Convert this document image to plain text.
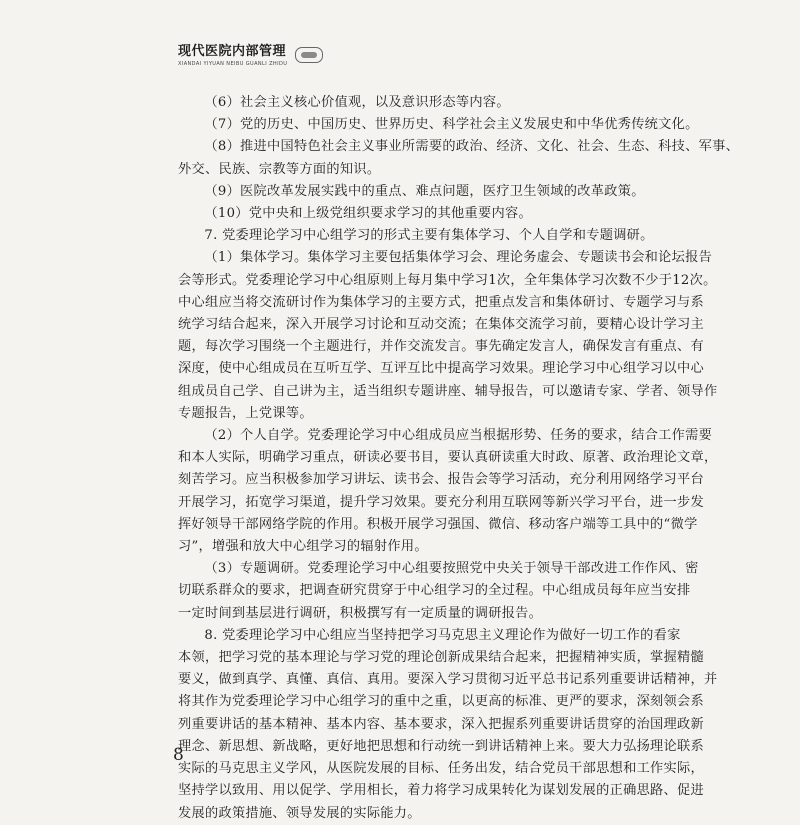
现代医院内部管理
XIANDAI YIYUAN NEIBU GUANLI ZHIDU

（6）社会主义核心价值观，以及意识形态等内容。

（7）党的历史、中国历史、世界历史、科学社会主义发展史和中华优秀传统文化。

（8）推进中国特色社会主义事业所需要的政治、经济、文化、社会、生态、科技、军事、
外交、民族、宗教等方面的知识。

（9）医院改革发展实践中的重点、难点问题，医疗卫生领域的改革政策。

（10）党中央和上级党组织要求学习的其他重要内容。

7. 党委理论学习中心组学习的形式主要有集体学习、个人自学和专题调研。

（1）集体学习。集体学习主要包括集体学习会、理论务虚会、专题读书会和论坛报告
会等形式。党委理论学习中心组原则上每月集中学习1次，全年集体学习次数不少于12次。
中心组应当将交流研讨作为集体学习的主要方式，把重点发言和集体研讨、专题学习与系
统学习结合起来，深入开展学习讨论和互动交流；在集体交流学习前，要精心设计学习主
题，每次学习围绕一个主题进行，并作交流发言。事先确定发言人，确保发言有重点、有
深度，使中心组成员在互听互学、互评互比中提高学习效果。理论学习中心组学习以中心
组成员自己学、自己讲为主，适当组织专题讲座、辅导报告，可以邀请专家、学者、领导作
专题报告，上党课等。

（2）个人自学。党委理论学习中心组成员应当根据形势、任务的要求，结合工作需要
和本人实际，明确学习重点，研读必要书目，要认真研读重大时政、原著、政治理论文章，
刻苦学习。应当积极参加学习讲坛、读书会、报告会等学习活动，充分利用网络学习平台
开展学习，拓宽学习渠道，提升学习效果。要充分利用互联网等新兴学习平台，进一步发
挥好领导干部网络学院的作用。积极开展学习强国、微信、移动客户端等工具中的“微学
习”，增强和放大中心组学习的辐射作用。

（3）专题调研。党委理论学习中心组要按照党中央关于领导干部改进工作作风、密
切联系群众的要求，把调查研究贯穿于中心组学习的全过程。中心组成员每年应当安排
一定时间到基层进行调研，积极撰写有一定质量的调研报告。

8. 党委理论学习中心组应当坚持把学习马克思主义理论作为做好一切工作的看家
本领，把学习党的基本理论与学习党的理论创新成果结合起来，把握精神实质，掌握精髓
要义，做到真学、真懂、真信、真用。要深入学习贯彻习近平总书记系列重要讲话精神，并
将其作为党委理论学习中心组学习的重中之重，以更高的标准、更严的要求，深刻领会系
列重要讲话的基本精神、基本内容、基本要求，深入把握系列重要讲话贯穿的治国理政新
理念、新思想、新战略，更好地把思想和行动统一到讲话精神上来。要大力弘扬理论联系
实际的马克思主义学风，从医院发展的目标、任务出发，结合党员干部思想和工作实际，
坚持学以致用、用以促学、学用相长，着力将学习成果转化为谋划发展的正确思路、促进
发展的政策措施、领导发展的实际能力。

8
